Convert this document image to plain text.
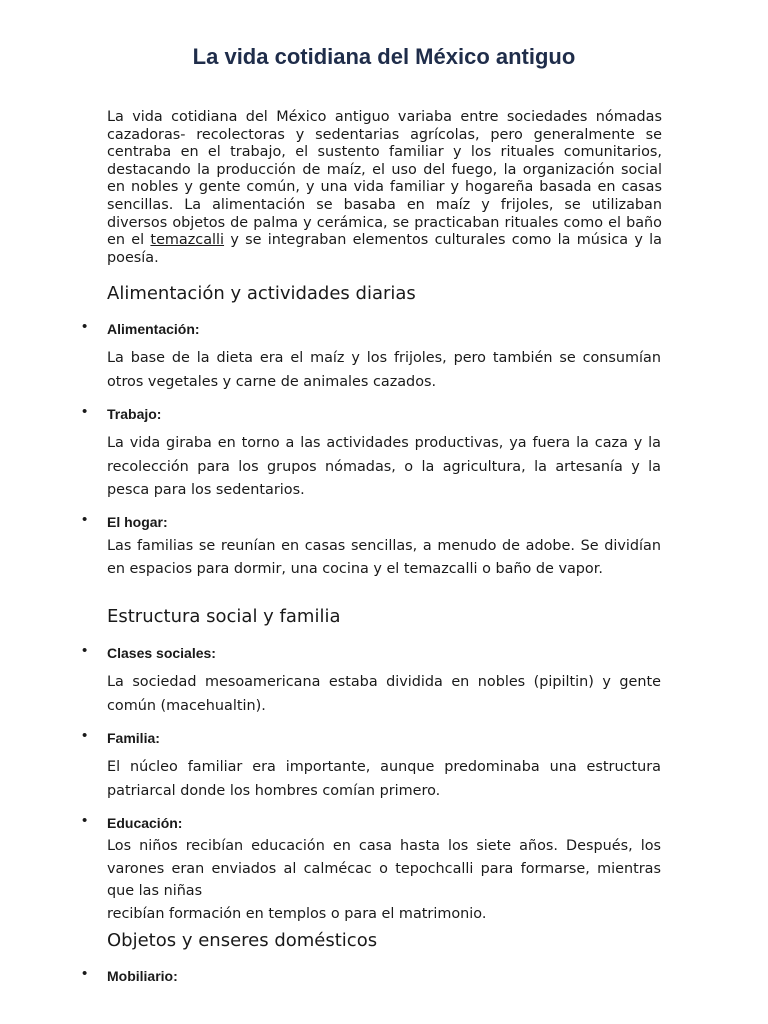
La vida cotidiana del México antiguo

La vida cotidiana del México antiguo variaba entre sociedades nómadas cazadoras- recolectoras y sedentarias agrícolas, pero generalmente se centraba en el trabajo, el sustento familiar y los rituales comunitarios, destacando la producción de maíz, el uso del fuego, la organización social en nobles y gente común, y una vida familiar y hogareña basada en casas sencillas. La alimentación se basaba en maíz y frijoles, se utilizaban diversos objetos de palma y cerámica, se practicaban rituales como el baño en el temazcalli y se integraban elementos culturales como la música y la poesía.

Alimentación y actividades diarias
• Alimentación:

La base de la dieta era el maíz y los frijoles, pero también se consumían otros vegetales y carne de animales cazados.

• Trabajo:

La vida giraba en torno a las actividades productivas, ya fuera la caza y la recolección para los grupos nómadas, o la agricultura, la artesanía y la pesca para los sedentarios.

• El hogar:

Las familias se reunían en casas sencillas, a menudo de adobe. Se dividían en espacios para dormir, una cocina y el temazcalli o baño de vapor.

Estructura social y familia
• Clases sociales:

La sociedad mesoamericana estaba dividida en nobles (pipiltin) y gente común (macehualtin).

• Familia:

El núcleo familiar era importante, aunque predominaba una estructura patriarcal donde los hombres comían primero.

• Educación:

Los niños recibían educación en casa hasta los siete años. Después, los varones eran enviados al calmécac o tepochcalli para formarse, mientras que las niñas
recibían formación en templos o para el matrimonio.

Objetos y enseres domésticos
• Mobiliario:
